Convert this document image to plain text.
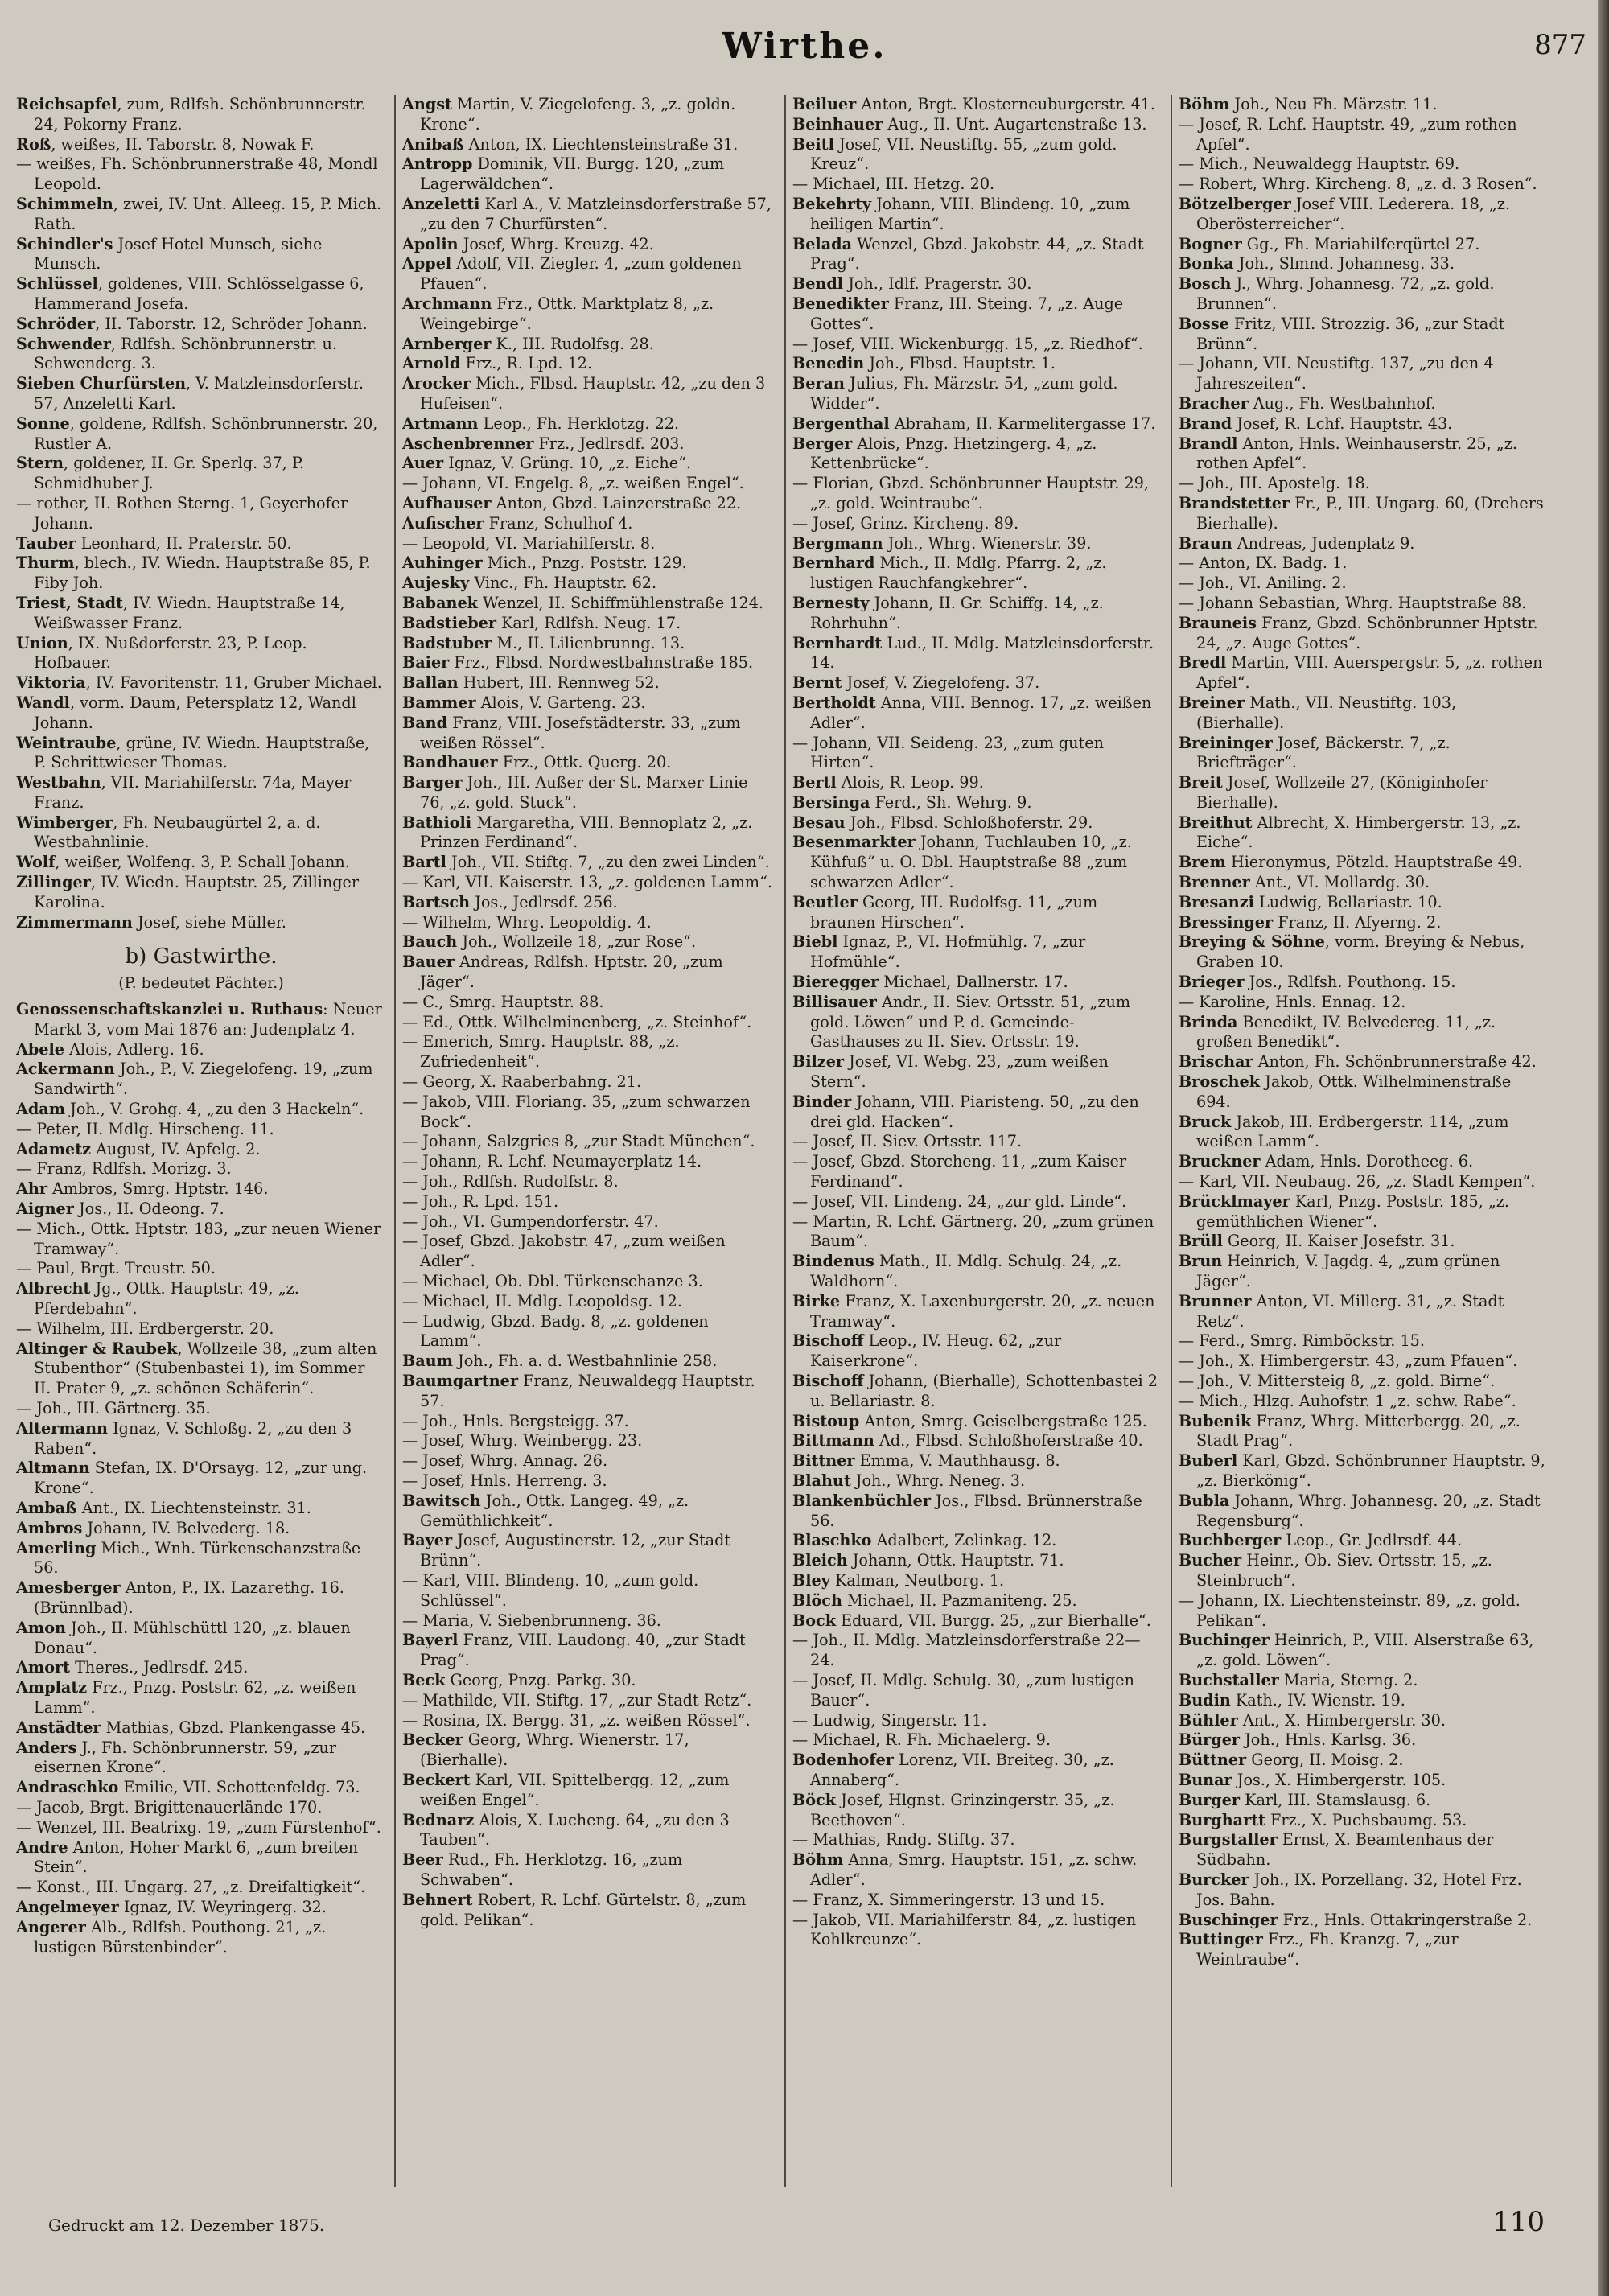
Wirthe.	877

Reichsapfel, zum, Rdlfsh. Schönbrunnerstr. 24, Pokorny Franz.

Roß, weißes, II. Taborstr. 8, Nowak F.

— weißes, Fh. Schönbrunnerstraße 48, Mondl Leopold.

Schimmeln, zwei, IV. Unt. Alleeg. 15, P. Mich. Rath.

Schindler's Josef Hotel Munsch, siehe Munsch.

Schlüssel, goldenes, VIII. Schlösselgasse 6, Hammerand Josefa.

Schröder, II. Taborstr. 12, Schröder Johann.

Schwender, Rdlfsh. Schönbrunnerstr. u. Schwenderg. 3.

Sieben Churfürsten, V. Matzleinsdorferstr. 57, Anzeletti Karl.

Sonne, goldene, Rdlfsh. Schönbrunnerstr. 20, Rustler A.

Stern, goldener, II. Gr. Sperlg. 37, P. Schmidhuber J.

— rother, II. Rothen Sterng. 1, Geyerhofer Johann.

Tauber Leonhard, II. Praterstr. 50.

Thurm, blech., IV. Wiedn. Hauptstraße 85, P. Fiby Joh.

Triest, Stadt, IV. Wiedn. Hauptstraße 14, Weißwasser Franz.

Union, IX. Nußdorferstr. 23, P. Leop. Hofbauer.

Viktoria, IV. Favoritenstr. 11, Gruber Michael.

Wandl, vorm. Daum, Petersplatz 12, Wandl Johann.

Weintraube, grüne, IV. Wiedn. Hauptstraße, P. Schrittwieser Thomas.

Westbahn, VII. Mariahilferstr. 74a, Mayer Franz.

Wimberger, Fh. Neubaugürtel 2, a. d. Westbahnlinie.

Wolf, weißer, Wolfeng. 3, P. Schall Johann.

Zillinger, IV. Wiedn. Hauptstr. 25, Zillinger Karolina.

Zimmermann Josef, siehe Müller.

b) Gastwirthe.
(P. bedeutet Pächter.)

Genossenschaftskanzlei u. Ruthaus: Neuer Markt 3, vom Mai 1876 an: Judenplatz 4.

Abele Alois, Adlerg. 16.

Ackermann Joh., P., V. Ziegelofeng. 19, „zum Sandwirth“.

Adam Joh., V. Grohg. 4, „zu den 3 Hackeln“.

— Peter, II. Mdlg. Hirscheng. 11.

Adametz August, IV. Apfelg. 2.

— Franz, Rdlfsh. Morizg. 3.

Ahr Ambros, Smrg. Hptstr. 146.

Aigner Jos., II. Odeong. 7.

— Mich., Ottk. Hptstr. 183, „zur neuen Wiener Tramway“.

— Paul, Brgt. Treustr. 50.

Albrecht Jg., Ottk. Hauptstr. 49, „z. Pferdebahn“.

— Wilhelm, III. Erdbergerstr. 20.

Altinger & Raubek, Wollzeile 38, „zum alten Stubenthor“ (Stubenbastei 1), im Sommer II. Prater 9, „z. schönen Schäferin“.

— Joh., III. Gärtnerg. 35.

Altermann Ignaz, V. Schloßg. 2, „zu den 3 Raben“.

Altmann Stefan, IX. D'Orsayg. 12, „zur ung. Krone“.

Ambaß Ant., IX. Liechtensteinstr. 31.

Ambros Johann, IV. Belvederg. 18.

Amerling Mich., Wnh. Türkenschanzstraße 56.

Amesberger Anton, P., IX. Lazarethg. 16. (Brünnlbad).

Amon Joh., II. Mühlschüttl 120, „z. blauen Donau“.

Amort Theres., Jedlrsdf. 245.

Amplatz Frz., Pnzg. Poststr. 62, „z. weißen Lamm“.

Anstädter Mathias, Gbzd. Plankengasse 45.

Anders J., Fh. Schönbrunnerstr. 59, „zur eisernen Krone“.

Andraschko Emilie, VII. Schottenfeldg. 73.

— Jacob, Brgt. Brigittenauerlände 170.

— Wenzel, III. Beatrixg. 19, „zum Fürstenhof“.

Andre Anton, Hoher Markt 6, „zum breiten Stein“.

— Konst., III. Ungarg. 27, „z. Dreifaltigkeit“.

Angelmeyer Ignaz, IV. Weyringerg. 32.

Angerer Alb., Rdlfsh. Pouthong. 21, „z. lustigen Bürstenbinder“.

Angst Martin, V. Ziegelofeng. 3, „z. goldn. Krone“.

Anibaß Anton, IX. Liechtensteinstraße 31.

Antropp Dominik, VII. Burgg. 120, „zum Lagerwäldchen“.

Anzeletti Karl A., V. Matzleinsdorferstraße 57, „zu den 7 Churfürsten“.

Apolin Josef, Whrg. Kreuzg. 42.

Appel Adolf, VII. Ziegler. 4, „zum goldenen Pfauen“.

Archmann Frz., Ottk. Marktplatz 8, „z. Weingebirge“.

Arnberger K., III. Rudolfsg. 28.

Arnold Frz., R. Lpd. 12.

Arocker Mich., Flbsd. Hauptstr. 42, „zu den 3 Hufeisen“.

Artmann Leop., Fh. Herklotzg. 22.

Aschenbrenner Frz., Jedlrsdf. 203.

Auer Ignaz, V. Grüng. 10, „z. Eiche“.

— Johann, VI. Engelg. 8, „z. weißen Engel“.

Aufhauser Anton, Gbzd. Lainzerstraße 22.

Aufischer Franz, Schulhof 4.

— Leopold, VI. Mariahilferstr. 8.

Auhinger Mich., Pnzg. Poststr. 129.

Aujesky Vinc., Fh. Hauptstr. 62.

Babanek Wenzel, II. Schiffmühlenstraße 124.

Badstieber Karl, Rdlfsh. Neug. 17.

Badstuber M., II. Lilienbrunng. 13.

Baier Frz., Flbsd. Nordwestbahnstraße 185.

Ballan Hubert, III. Rennweg 52.

Bammer Alois, V. Garteng. 23.

Band Franz, VIII. Josefstädterstr. 33, „zum weißen Rössel“.

Bandhauer Frz., Ottk. Querg. 20.

Barger Joh., III. Außer der St. Marxer Linie 76, „z. gold. Stuck“.

Bathioli Margaretha, VIII. Bennoplatz 2, „z. Prinzen Ferdinand“.

Bartl Joh., VII. Stiftg. 7, „zu den zwei Linden“.

— Karl, VII. Kaiserstr. 13, „z. goldenen Lamm“.

Bartsch Jos., Jedlrsdf. 256.

— Wilhelm, Whrg. Leopoldig. 4.

Bauch Joh., Wollzeile 18, „zur Rose“.

Bauer Andreas, Rdlfsh. Hptstr. 20, „zum Jäger“.

— C., Smrg. Hauptstr. 88.

— Ed., Ottk. Wilhelminenberg, „z. Steinhof“.

— Emerich, Smrg. Hauptstr. 88, „z. Zufriedenheit“.

— Georg, X. Raaberbahng. 21.

— Jakob, VIII. Floriang. 35, „zum schwarzen Bock“.

— Johann, Salzgries 8, „zur Stadt München“.

— Johann, R. Lchf. Neumayerplatz 14.

— Joh., Rdlfsh. Rudolfstr. 8.

— Joh., R. Lpd. 151.

— Joh., VI. Gumpendorferstr. 47.

— Josef, Gbzd. Jakobstr. 47, „zum weißen Adler“.

— Michael, Ob. Dbl. Türkenschanze 3.

— Michael, II. Mdlg. Leopoldsg. 12.

— Ludwig, Gbzd. Badg. 8, „z. goldenen Lamm“.

Baum Joh., Fh. a. d. Westbahnlinie 258.

Baumgartner Franz, Neuwaldegg Hauptstr. 57.

— Joh., Hnls. Bergsteigg. 37.

— Josef, Whrg. Weinbergg. 23.

— Josef, Whrg. Annag. 26.

— Josef, Hnls. Herreng. 3.

Bawitsch Joh., Ottk. Langeg. 49, „z. Gemüthlichkeit“.

Bayer Josef, Augustinerstr. 12, „zur Stadt Brünn“.

— Karl, VIII. Blindeng. 10, „zum gold. Schlüssel“.

— Maria, V. Siebenbrunneng. 36.

Bayerl Franz, VIII. Laudong. 40, „zur Stadt Prag“.

Beck Georg, Pnzg. Parkg. 30.

— Mathilde, VII. Stiftg. 17, „zur Stadt Retz“.

— Rosina, IX. Bergg. 31, „z. weißen Rössel“.

Becker Georg, Whrg. Wienerstr. 17, (Bierhalle).

Beckert Karl, VII. Spittelbergg. 12, „zum weißen Engel“.

Bednarz Alois, X. Lucheng. 64, „zu den 3 Tauben“.

Beer Rud., Fh. Herklotzg. 16, „zum Schwaben“.

Behnert Robert, R. Lchf. Gürtelstr. 8, „zum gold. Pelikan“.

Beiluer Anton, Brgt. Klosterneuburgerstr. 41.

Beinhauer Aug., II. Unt. Augartenstraße 13.

Beitl Josef, VII. Neustiftg. 55, „zum gold. Kreuz“.

— Michael, III. Hetzg. 20.

Bekehrty Johann, VIII. Blindeng. 10, „zum heiligen Martin“.

Belada Wenzel, Gbzd. Jakobstr. 44, „z. Stadt Prag“.

Bendl Joh., Idlf. Pragerstr. 30.

Benedikter Franz, III. Steing. 7, „z. Auge Gottes“.

— Josef, VIII. Wickenburgg. 15, „z. Riedhof“.

Benedin Joh., Flbsd. Hauptstr. 1.

Beran Julius, Fh. Märzstr. 54, „zum gold. Widder“.

Bergenthal Abraham, II. Karmelitergasse 17.

Berger Alois, Pnzg. Hietzingerg. 4, „z. Kettenbrücke“.

— Florian, Gbzd. Schönbrunner Hauptstr. 29, „z. gold. Weintraube“.

— Josef, Grinz. Kircheng. 89.

Bergmann Joh., Whrg. Wienerstr. 39.

Bernhard Mich., II. Mdlg. Pfarrg. 2, „z. lustigen Rauchfangkehrer“.

Bernesty Johann, II. Gr. Schiffg. 14, „z. Rohrhuhn“.

Bernhardt Lud., II. Mdlg. Matzleinsdorferstr. 14.

Bernt Josef, V. Ziegelofeng. 37.

Bertholdt Anna, VIII. Bennog. 17, „z. weißen Adler“.

— Johann, VII. Seideng. 23, „zum guten Hirten“.

Bertl Alois, R. Leop. 99.

Bersinga Ferd., Sh. Wehrg. 9.

Besau Joh., Flbsd. Schloßhoferstr. 29.

Besenmarkter Johann, Tuchlauben 10, „z. Kühfuß“ u. O. Dbl. Hauptstraße 88 „zum schwarzen Adler“.

Beutler Georg, III. Rudolfsg. 11, „zum braunen Hirschen“.

Biebl Ignaz, P., VI. Hofmühlg. 7, „zur Hofmühle“.

Bieregger Michael, Dallnerstr. 17.

Billisauer Andr., II. Siev. Ortsstr. 51, „zum gold. Löwen“ und P. d. Gemeinde-Gasthauses zu II. Siev. Ortsstr. 19.

Bilzer Josef, VI. Webg. 23, „zum weißen Stern“.

Binder Johann, VIII. Piaristeng. 50, „zu den drei gld. Hacken“.

— Josef, II. Siev. Ortsstr. 117.

— Josef, Gbzd. Storcheng. 11, „zum Kaiser Ferdinand“.

— Josef, VII. Lindeng. 24, „zur gld. Linde“.

— Martin, R. Lchf. Gärtnerg. 20, „zum grünen Baum“.

Bindenus Math., II. Mdlg. Schulg. 24, „z. Waldhorn“.

Birke Franz, X. Laxenburgerstr. 20, „z. neuen Tramway“.

Bischoff Leop., IV. Heug. 62, „zur Kaiserkrone“.

Bischoff Johann, (Bierhalle), Schottenbastei 2 u. Bellariastr. 8.

Bistoup Anton, Smrg. Geiselbergstraße 125.

Bittmann Ad., Flbsd. Schloßhoferstraße 40.

Bittner Emma, V. Mauthhausg. 8.

Blahut Joh., Whrg. Neneg. 3.

Blankenbüchler Jos., Flbsd. Brünnerstraße 56.

Blaschko Adalbert, Zelinkag. 12.

Bleich Johann, Ottk. Hauptstr. 71.

Bley Kalman, Neutborg. 1.

Blöch Michael, II. Pazmaniteng. 25.

Bock Eduard, VII. Burgg. 25, „zur Bierhalle“.

— Joh., II. Mdlg. Matzleinsdorferstraße 22—24.

— Josef, II. Mdlg. Schulg. 30, „zum lustigen Bauer“.

— Ludwig, Singerstr. 11.

— Michael, R. Fh. Michaelerg. 9.

Bodenhofer Lorenz, VII. Breiteg. 30, „z. Annaberg“.

Böck Josef, Hlgnst. Grinzingerstr. 35, „z. Beethoven“.

— Mathias, Rndg. Stiftg. 37.

Böhm Anna, Smrg. Hauptstr. 151, „z. schw. Adler“.

— Franz, X. Simmeringerstr. 13 und 15.

— Jakob, VII. Mariahilferstr. 84, „z. lustigen Kohlkreunze“.

Böhm Joh., Neu Fh. Märzstr. 11.

— Josef, R. Lchf. Hauptstr. 49, „zum rothen Apfel“.

— Mich., Neuwaldegg Hauptstr. 69.

— Robert, Whrg. Kircheng. 8, „z. d. 3 Rosen“.

Bötzelberger Josef VIII. Lederera. 18, „z. Oberösterreicher“.

Bogner Gg., Fh. Mariahilferqürtel 27.

Bonka Joh., Slmnd. Johannesg. 33.

Bosch J., Whrg. Johannesg. 72, „z. gold. Brunnen“.

Bosse Fritz, VIII. Strozzig. 36, „zur Stadt Brünn“.

— Johann, VII. Neustiftg. 137, „zu den 4 Jahreszeiten“.

Bracher Aug., Fh. Westbahnhof.

Brand Josef, R. Lchf. Hauptstr. 43.

Brandl Anton, Hnls. Weinhauserstr. 25, „z. rothen Apfel“.

— Joh., III. Apostelg. 18.

Brandstetter Fr., P., III. Ungarg. 60, (Drehers Bierhalle).

Braun Andreas, Judenplatz 9.

— Anton, IX. Badg. 1.

— Joh., VI. Aniling. 2.

— Johann Sebastian, Whrg. Hauptstraße 88.

Brauneis Franz, Gbzd. Schönbrunner Hptstr. 24, „z. Auge Gottes“.

Bredl Martin, VIII. Auerspergstr. 5, „z. rothen Apfel“.

Breiner Math., VII. Neustiftg. 103, (Bierhalle).

Breininger Josef, Bäckerstr. 7, „z. Briefträger“.

Breit Josef, Wollzeile 27, (Königinhofer Bierhalle).

Breithut Albrecht, X. Himbergerstr. 13, „z. Eiche“.

Brem Hieronymus, Pötzld. Hauptstraße 49.

Brenner Ant., VI. Mollardg. 30.

Bresanzi Ludwig, Bellariastr. 10.

Bressinger Franz, II. Afyerng. 2.

Breying & Söhne, vorm. Breying & Nebus, Graben 10.

Brieger Jos., Rdlfsh. Pouthong. 15.

— Karoline, Hnls. Ennag. 12.

Brinda Benedikt, IV. Belvedereg. 11, „z. großen Benedikt“.

Brischar Anton, Fh. Schönbrunnerstraße 42.

Broschek Jakob, Ottk. Wilhelminenstraße 694.

Bruck Jakob, III. Erdbergerstr. 114, „zum weißen Lamm“.

Bruckner Adam, Hnls. Dorotheeg. 6.

— Karl, VII. Neubaug. 26, „z. Stadt Kempen“.

Brücklmayer Karl, Pnzg. Poststr. 185, „z. gemüthlichen Wiener“.

Brüll Georg, II. Kaiser Josefstr. 31.

Brun Heinrich, V. Jagdg. 4, „zum grünen Jäger“.

Brunner Anton, VI. Millerg. 31, „z. Stadt Retz“.

— Ferd., Smrg. Rimböckstr. 15.

— Joh., X. Himbergerstr. 43, „zum Pfauen“.

— Joh., V. Mittersteig 8, „z. gold. Birne“.

— Mich., Hlzg. Auhofstr. 1 „z. schw. Rabe“.

Bubenik Franz, Whrg. Mitterbergg. 20, „z. Stadt Prag“.

Buberl Karl, Gbzd. Schönbrunner Hauptstr. 9, „z. Bierkönig“.

Bubla Johann, Whrg. Johannesg. 20, „z. Stadt Regensburg“.

Buchberger Leop., Gr. Jedlrsdf. 44.

Bucher Heinr., Ob. Siev. Ortsstr. 15, „z. Steinbruch“.

— Johann, IX. Liechtensteinstr. 89, „z. gold. Pelikan“.

Buchinger Heinrich, P., VIII. Alserstraße 63, „z. gold. Löwen“.

Buchstaller Maria, Sterng. 2.

Budin Kath., IV. Wienstr. 19.

Bühler Ant., X. Himbergerstr. 30.

Bürger Joh., Hnls. Karlsg. 36.

Büttner Georg, II. Moisg. 2.

Bunar Jos., X. Himbergerstr. 105.

Burger Karl, III. Stamslausg. 6.

Burghartt Frz., X. Puchsbaumg. 53.

Burgstaller Ernst, X. Beamtenhaus der Südbahn.

Burcker Joh., IX. Porzellang. 32, Hotel Frz. Jos. Bahn.

Buschinger Frz., Hnls. Ottakringerstraße 2.

Buttinger Frz., Fh. Kranzg. 7, „zur Weintraube“.

Gedruckt am 12. Dezember 1875.	110
